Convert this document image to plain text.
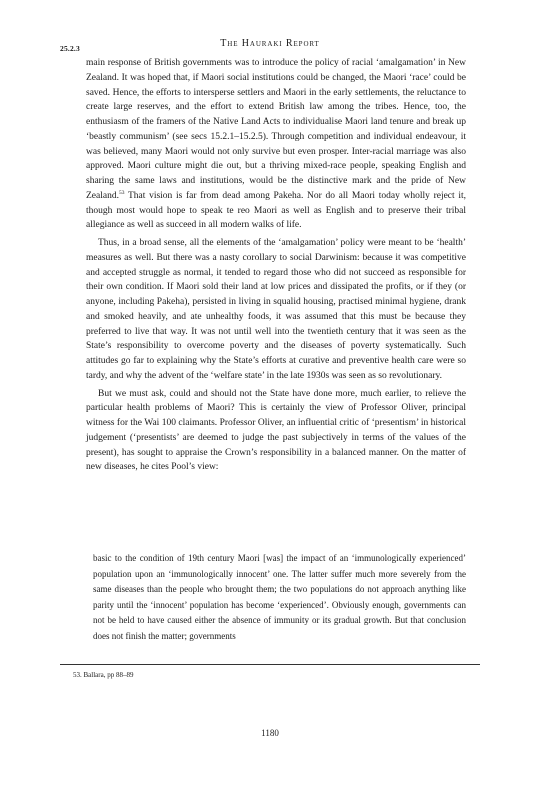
25.2.3	The Hauraki Report

main response of British governments was to introduce the policy of racial ‘amalgamation’ in New Zealand. It was hoped that, if Maori social institutions could be changed, the Maori ‘race’ could be saved. Hence, the efforts to intersperse settlers and Maori in the early settlements, the reluctance to create large reserves, and the effort to extend British law among the tribes. Hence, too, the enthusiasm of the framers of the Native Land Acts to individualise Maori land tenure and break up ‘beastly communism’ (see secs 15.2.1–15.2.5). Through competition and individual endeavour, it was believed, many Maori would not only survive but even prosper. Inter-racial marriage was also approved. Maori culture might die out, but a thriving mixed-race people, speaking English and sharing the same laws and institutions, would be the distinctive mark and the pride of New Zealand.$^{53}$ That vision is far from dead among Pakeha. Nor do all Maori today wholly reject it, though most would hope to speak te reo Maori as well as English and to preserve their tribal allegiance as well as succeed in all modern walks of life.

Thus, in a broad sense, all the elements of the ‘amalgamation’ policy were meant to be ‘health’ measures as well. But there was a nasty corollary to social Darwinism: because it was competitive and accepted struggle as normal, it tended to regard those who did not succeed as responsible for their own condition. If Maori sold their land at low prices and dissipated the profits, or if they (or anyone, including Pakeha), persisted in living in squalid housing, practised minimal hygiene, drank and smoked heavily, and ate unhealthy foods, it was assumed that this must be because they preferred to live that way. It was not until well into the twentieth century that it was seen as the State’s responsibility to overcome poverty and the diseases of poverty systematically. Such attitudes go far to explaining why the State’s efforts at curative and preventive health care were so tardy, and why the advent of the ‘welfare state’ in the late 1930s was seen as so revolutionary.

But we must ask, could and should not the State have done more, much earlier, to relieve the particular health problems of Maori? This is certainly the view of Professor Oliver, principal witness for the Wai 100 claimants. Professor Oliver, an influential critic of ‘presentism’ in historical judgement (‘presentists’ are deemed to judge the past subjectively in terms of the values of the present), has sought to appraise the Crown’s responsibility in a balanced manner. On the matter of new diseases, he cites Pool’s view:

basic to the condition of 19th century Maori [was] the impact of an ‘immunologically experienced’ population upon an ‘immunologically innocent’ one. The latter suffer much more severely from the same diseases than the people who brought them; the two populations do not approach anything like parity until the ‘innocent’ population has become ‘experienced’. Obviously enough, governments can not be held to have caused either the absence of immunity or its gradual growth. But that conclusion does not finish the matter; governments

53. Ballara, pp 88–89
1180
